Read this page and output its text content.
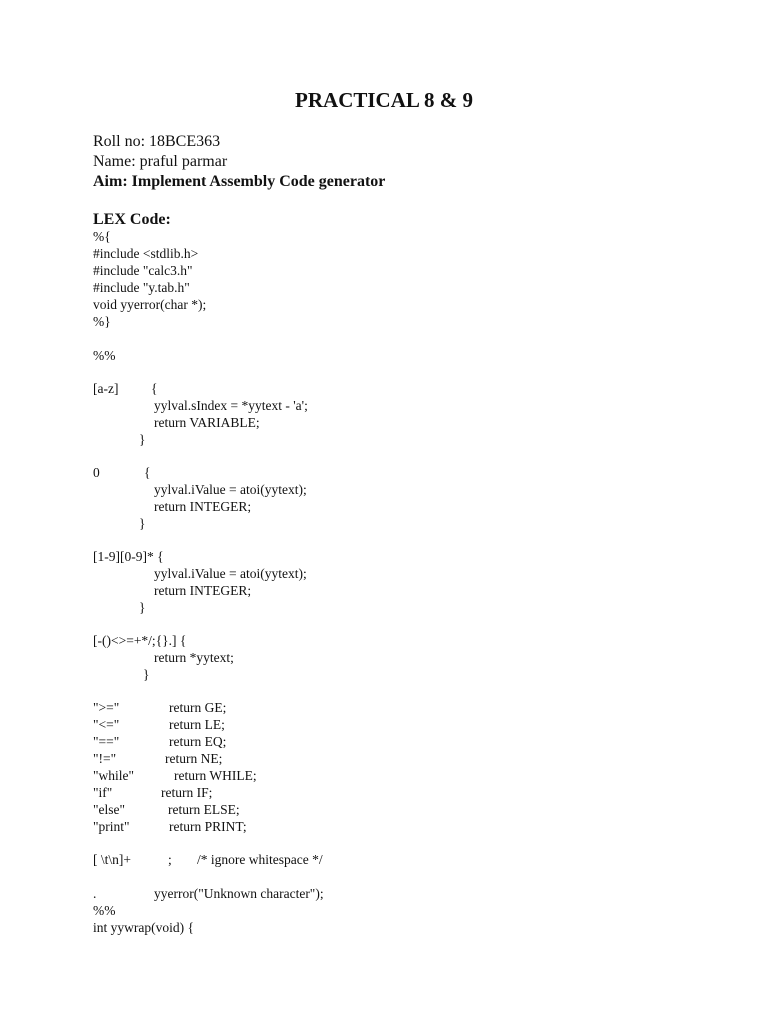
PRACTICAL 8 & 9
Roll no: 18BCE363
Name: praful parmar
Aim: Implement Assembly Code generator
LEX Code:
%{
#include <stdlib.h>
#include "calc3.h"
#include "y.tab.h"
void yyerror(char *);
%}
%%
[a-z] {
yylval.sIndex = *yytext - 'a';
return VARIABLE;
}
0	{
yylval.iValue = atoi(yytext);
return INTEGER;
}
[1-9][0-9]* {
yylval.iValue = atoi(yytext);
return INTEGER;
}
[-()<>=+*/;{}.] {
return *yytext;
}
">="	return GE;
"<="	return LE;
"=="	return EQ;
"!="	return NE;
"while"	return WHILE;
"if"	return IF;
"else"	return ELSE;
"print"	return PRINT;
[ \t\n]+	; /* ignore whitespace */
.	yyerror("Unknown character");
%%
int yywrap(void) {
